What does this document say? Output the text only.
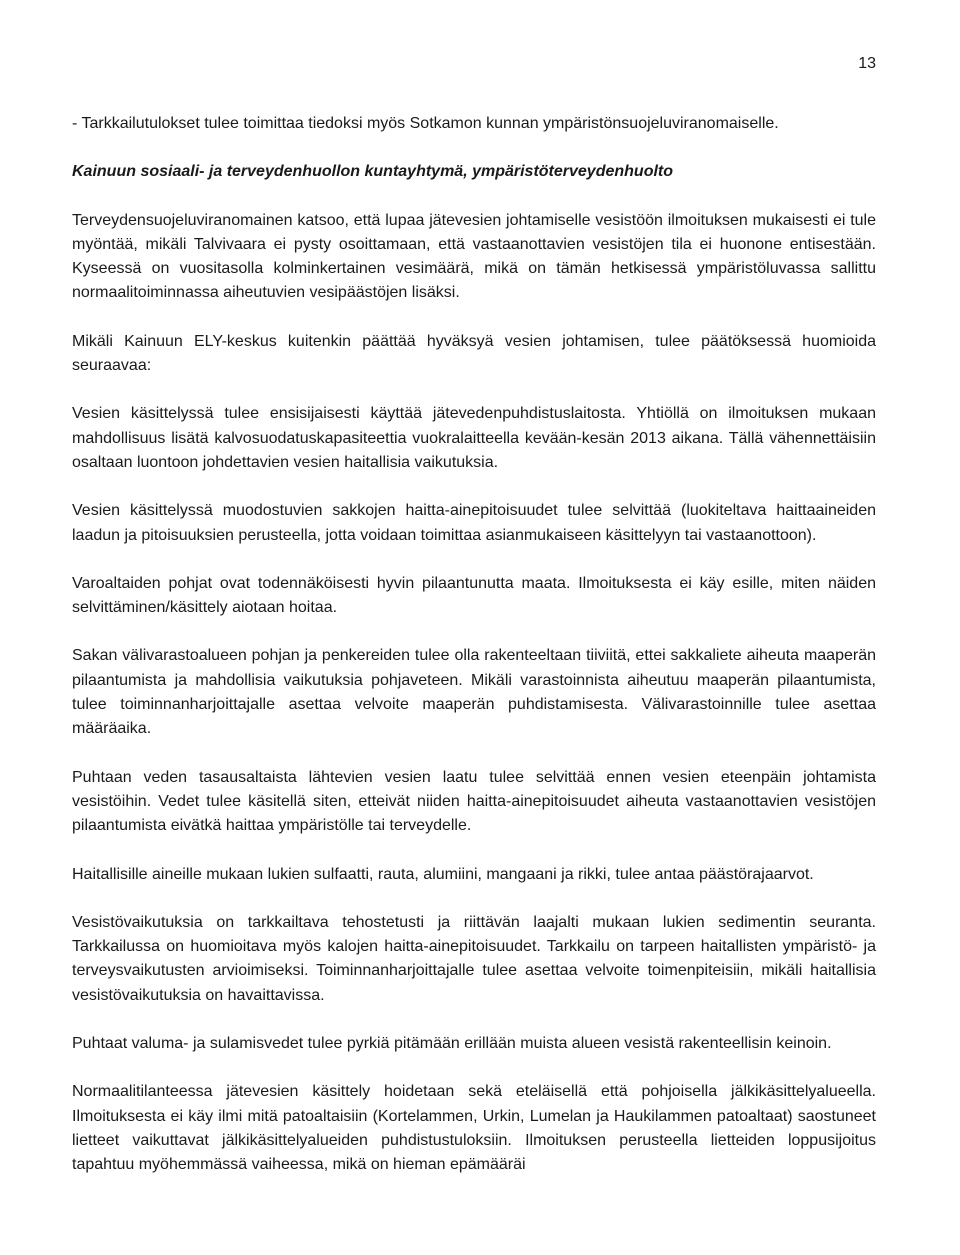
13

- Tarkkailutulokset tulee toimittaa tiedoksi myös Sotkamon kunnan ympäristönsuojeluviranomaiselle.

Kainuun sosiaali- ja terveydenhuollon kuntayhtymä, ympäristöterveydenhuolto

Terveydensuojeluviranomainen katsoo, että lupaa jätevesien johtamiselle vesistöön ilmoituksen mukaisesti ei tule myöntää, mikäli Talvivaara ei pysty osoittamaan, että vastaanottavien vesistöjen tila ei huonone entisestään. Kyseessä on vuositasolla kolminkertainen vesimäärä, mikä on tämän hetkisessä ympäristöluvassa sallittu normaalitoiminnassa aiheutuvien vesipäästöjen lisäksi.

Mikäli Kainuun ELY-keskus kuitenkin päättää hyväksyä vesien johtamisen, tulee päätöksessä huomioida seuraavaa:

Vesien käsittelyssä tulee ensisijaisesti käyttää jätevedenpuhdistuslaitosta. Yhtiöllä on ilmoituksen mukaan mahdollisuus lisätä kalvosuodatuskapasiteettia vuokralaitteella kevään-kesän 2013 aikana. Tällä vähennettäisiin osaltaan luontoon johdettavien vesien haitallisia vaikutuksia.

Vesien käsittelyssä muodostuvien sakkojen haitta-ainepitoisuudet tulee selvittää (luokiteltava haittaaineiden laadun ja pitoisuuksien perusteella, jotta voidaan toimittaa asianmukaiseen käsittelyyn tai vastaanottoon).

Varoaltaiden pohjat ovat todennäköisesti hyvin pilaantunutta maata. Ilmoituksesta ei käy esille, miten näiden selvittäminen/käsittely aiotaan hoitaa.

Sakan välivarastoalueen pohjan ja penkereiden tulee olla rakenteeltaan tiiviitä, ettei sakkaliete aiheuta maaperän pilaantumista ja mahdollisia vaikutuksia pohjaveteen. Mikäli varastoinnista aiheutuu maaperän pilaantumista, tulee toiminnanharjoittajalle asettaa velvoite maaperän puhdistamisesta. Välivarastoinnille tulee asettaa määräaika.

Puhtaan veden tasausaltaista lähtevien vesien laatu tulee selvittää ennen vesien eteenpäin johtamista vesistöihin. Vedet tulee käsitellä siten, etteivät niiden haitta-ainepitoisuudet aiheuta vastaanottavien vesistöjen pilaantumista eivätkä haittaa ympäristölle tai terveydelle.

Haitallisille aineille mukaan lukien sulfaatti, rauta, alumiini, mangaani ja rikki, tulee antaa päästörajaarvot.

Vesistövaikutuksia on tarkkailtava tehostetusti ja riittävän laajalti mukaan lukien sedimentin seuranta. Tarkkailussa on huomioitava myös kalojen haitta-ainepitoisuudet. Tarkkailu on tarpeen haitallisten ympäristö- ja terveysvaikutusten arvioimiseksi. Toiminnanharjoittajalle tulee asettaa velvoite toimenpiteisiin, mikäli haitallisia vesistövaikutuksia on havaittavissa.

Puhtaat valuma- ja sulamisvedet tulee pyrkiä pitämään erillään muista alueen vesistä rakenteellisin keinoin.

Normaalitilanteessa jätevesien käsittely hoidetaan sekä eteläisellä että pohjoisella jälkikäsittelyalueella. Ilmoituksesta ei käy ilmi mitä patoaltaisiin (Kortelammen, Urkin, Lumelan ja Haukilammen patoaltaat) saostuneet lietteet vaikuttavat jälkikäsittelyalueiden puhdistustuloksiin. Ilmoituksen perusteella lietteiden loppusijoitus tapahtuu myöhemmässä vaiheessa, mikä on hieman epämääräi
